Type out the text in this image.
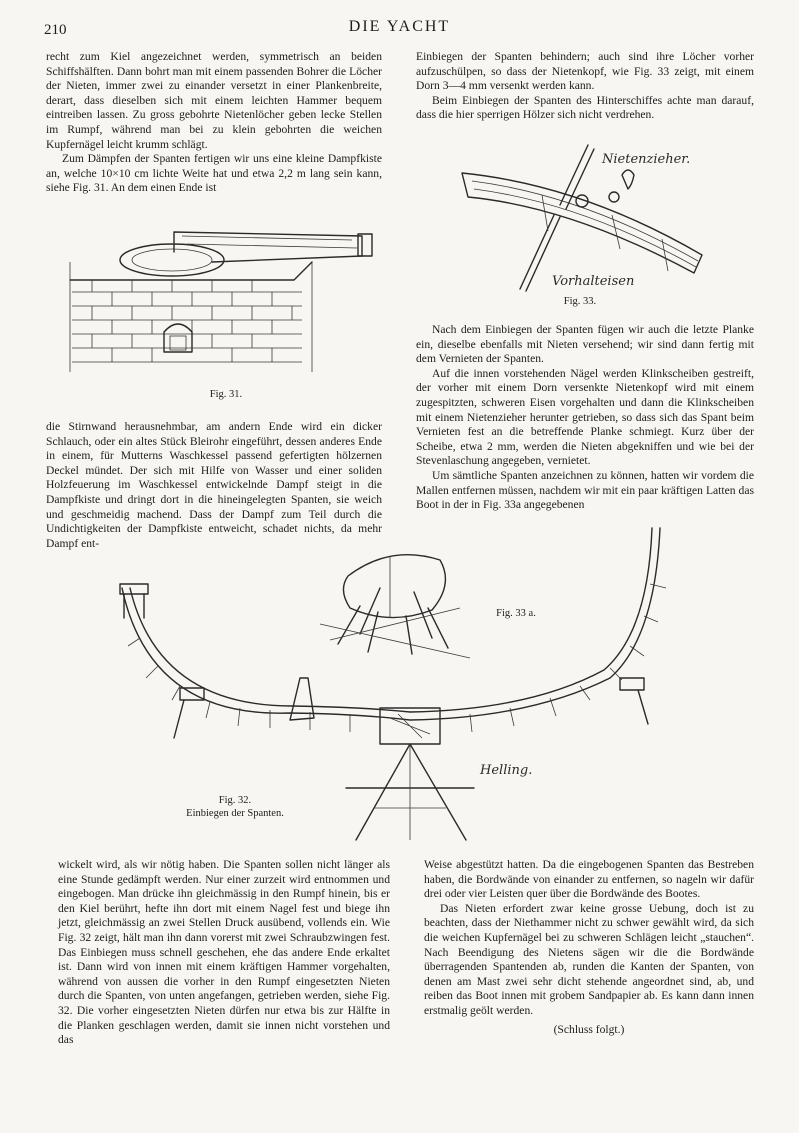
210	DIE YACHT

recht zum Kiel angezeichnet werden, symmetrisch an beiden Schiffshälften. Dann bohrt man mit einem passenden Bohrer die Löcher der Nieten, immer zwei zu einander versetzt in einer Plankenbreite, derart, dass dieselben sich mit einem leichten Hammer bequem eintreiben lassen. Zu gross gebohrte Nietenlöcher geben lecke Stellen im Rumpf, während man bei zu klein gebohrten die weichen Kupfernägel leicht krumm schlägt.

Zum Dämpfen der Spanten fertigen wir uns eine kleine Dampfkiste an, welche 10×10 cm lichte Weite hat und etwa 2,2 m lang sein kann, siehe Fig. 31. An dem einen Ende ist

Fig. 31.

die Stirnwand herausnehmbar, am andern Ende wird ein dicker Schlauch, oder ein altes Stück Bleirohr eingeführt, dessen anderes Ende in einem, für Mutterns Waschkessel passend gefertigten hölzernen Deckel mündet. Der sich mit Hilfe von Wasser und einer soliden Holzfeuerung im Waschkessel entwickelnde Dampf steigt in die Dampfkiste und dringt dort in die hineingelegten Spanten, sie weich und geschmeidig machend. Dass der Dampf zum Teil durch die Undichtigkeiten der Dampfkiste entweicht, schadet nichts, da mehr Dampf ent-

Einbiegen der Spanten behindern; auch sind ihre Löcher vorher aufzuschülpen, so dass der Nietenkopf, wie Fig. 33 zeigt, mit einem Dorn 3—4 mm versenkt werden kann.

Beim Einbiegen der Spanten des Hinterschiffes achte man darauf, dass die hier sperrigen Hölzer sich nicht verdrehen.

Nietenzieher.
Vorhalteisen
Fig. 33.

Nach dem Einbiegen der Spanten fügen wir auch die letzte Planke ein, dieselbe ebenfalls mit Nieten versehend; wir sind dann fertig mit dem Vernieten der Spanten.

Auf die innen vorstehenden Nägel werden Klinkscheiben gestreift, der vorher mit einem Dorn versenkte Nietenkopf wird mit einem zugespitzten, schweren Eisen vorgehalten und dann die Klinkscheiben mit einem Nietenzieher herunter getrieben, so dass sich das Spant beim Vernieten fest an die betreffende Planke schmiegt. Kurz über der Scheibe, etwa 2 mm, werden die Nieten abgekniffen und wie bei der Stevenlaschung angegeben, vernietet.

Um sämtliche Spanten anzeichnen zu können, hatten wir vordem die Mallen entfernen müssen, nachdem wir mit ein paar kräftigen Latten das Boot in der in Fig. 33a angegebenen

Fig. 33 a.
Helling.
Fig. 32.
Einbiegen der Spanten.

wickelt wird, als wir nötig haben. Die Spanten sollen nicht länger als eine Stunde gedämpft werden. Nur einer zurzeit wird entnommen und eingebogen. Man drücke ihn gleichmässig in den Rumpf hinein, bis er den Kiel berührt, hefte ihn dort mit einem Nagel fest und biege ihn jetzt, gleichmässig an zwei Stellen Druck ausübend, vollends ein. Wie Fig. 32 zeigt, hält man ihn dann vorerst mit zwei Schraubzwingen fest. Das Einbiegen muss schnell geschehen, ehe das andere Ende erkaltet ist. Dann wird von innen mit einem kräftigen Hammer vorgehalten, während von aussen die vorher in den Rumpf eingesetzten Nieten durch die Spanten, von unten angefangen, getrieben werden, siehe Fig. 32. Die vorher eingesetzten Nieten dürfen nur etwa bis zur Hälfte in die Planken geschlagen werden, damit sie innen nicht vorstehen und das

Weise abgestützt hatten. Da die eingebogenen Spanten das Bestreben haben, die Bordwände von einander zu entfernen, so nageln wir dafür drei oder vier Leisten quer über die Bordwände des Bootes.

Das Nieten erfordert zwar keine grosse Uebung, doch ist zu beachten, dass der Niethammer nicht zu schwer gewählt wird, da sich die weichen Kupfernägel bei zu schweren Schlägen leicht „stauchen“. Nach Beendigung des Nietens sägen wir die die Bordwände überragenden Spantenden ab, runden die Kanten der Spanten, von denen am Mast zwei sehr dicht stehende angeordnet sind, ab, und reiben das Boot innen mit grobem Sandpapier ab. Es kann dann innen erstmalig geölt werden.

(Schluss folgt.)
